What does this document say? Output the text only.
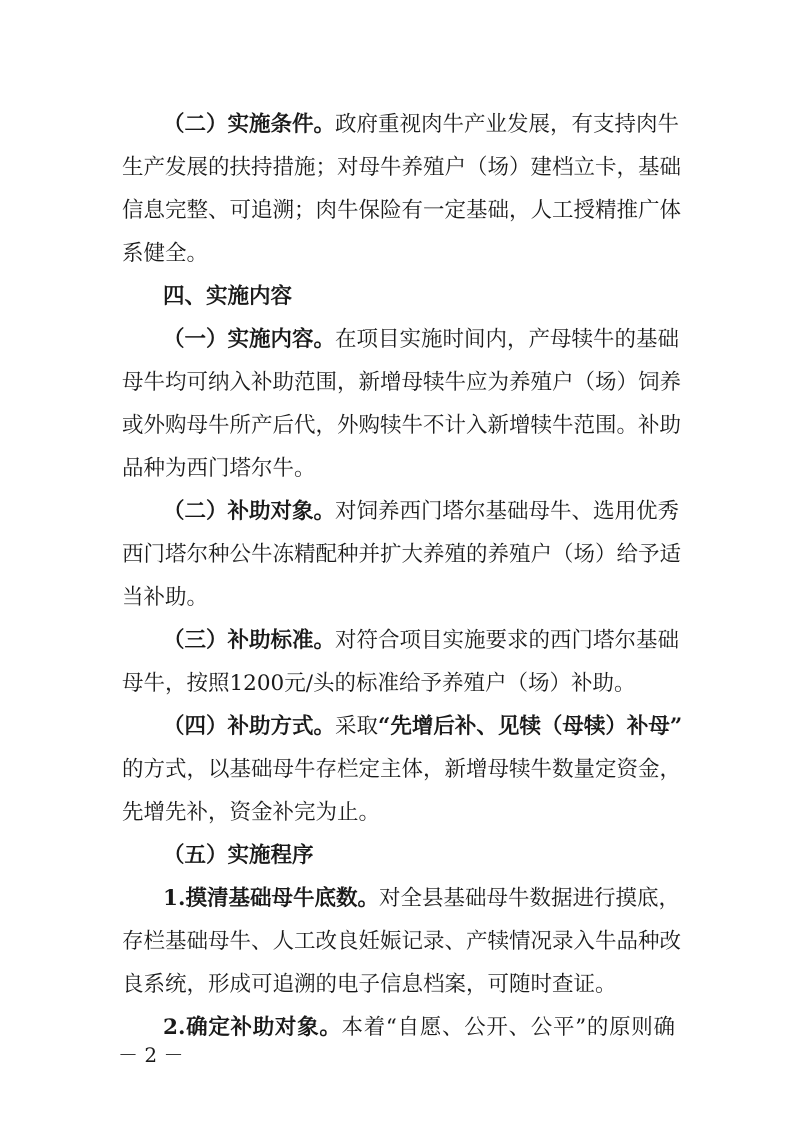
（二）实施条件。政府重视肉牛产业发展，有支持肉牛
生产发展的扶持措施；对母牛养殖户（场）建档立卡，基础
信息完整、可追溯；肉牛保险有一定基础，人工授精推广体
系健全。
四、实施内容
（一）实施内容。在项目实施时间内，产母犊牛的基础
母牛均可纳入补助范围，新增母犊牛应为养殖户（场）饲养
或外购母牛所产后代，外购犊牛不计入新增犊牛范围。补助
品种为西门塔尔牛。
（二）补助对象。对饲养西门塔尔基础母牛、选用优秀
西门塔尔种公牛冻精配种并扩大养殖的养殖户（场）给予适
当补助。
（三）补助标准。对符合项目实施要求的西门塔尔基础
母牛，按照1200元/头的标准给予养殖户（场）补助。
（四）补助方式。采取“先增后补、见犊（母犊）补母”
的方式，以基础母牛存栏定主体，新增母犊牛数量定资金，
先增先补，资金补完为止。
（五）实施程序
1.摸清基础母牛底数。对全县基础母牛数据进行摸底，
存栏基础母牛、人工改良妊娠记录、产犊情况录入牛品种改
良系统，形成可追溯的电子信息档案，可随时查证。
2.确定补助对象。本着“自愿、公开、公平”的原则确
－ 2 －
